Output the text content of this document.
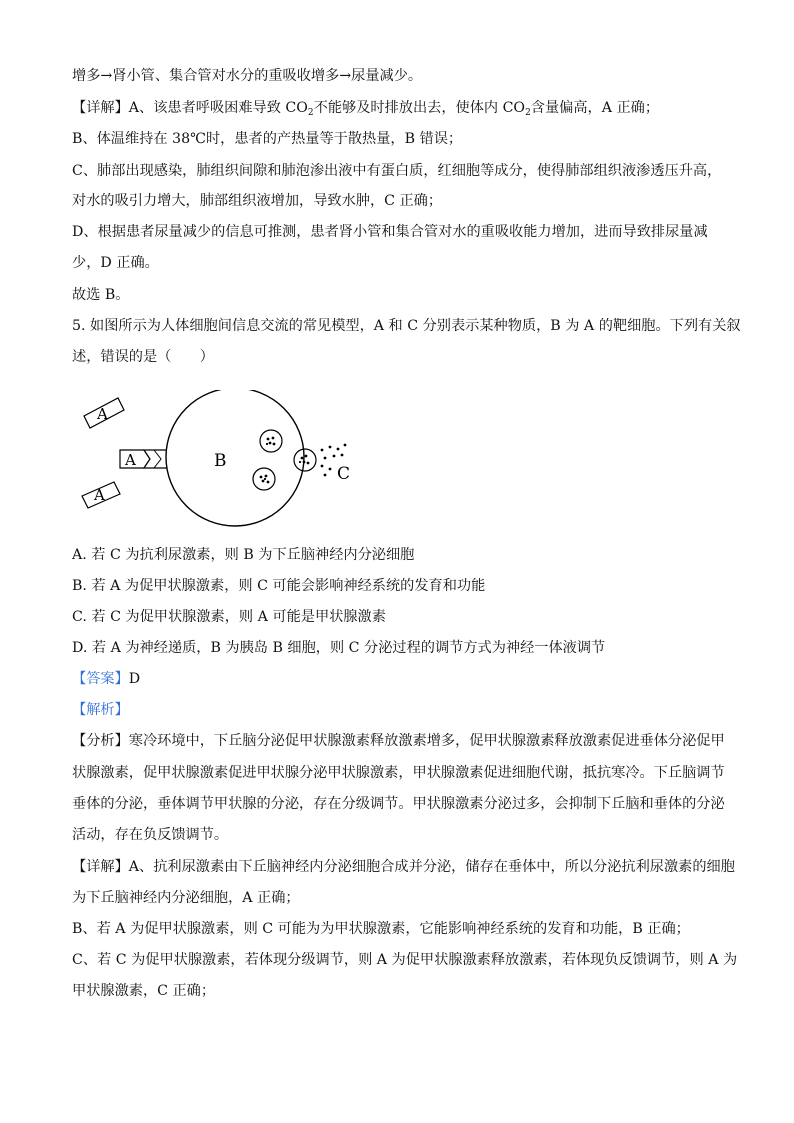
增多→肾小管、集合管对水分的重吸收增多→尿量减少。
【详解】A、该患者呼吸困难导致 $CO_2$不能够及时排放出去，使体内 $CO_2$含量偏高，A 正确；
B、体温维持在 38℃时，患者的产热量等于散热量，B 错误；
C、肺部出现感染，肺组织间隙和肺泡渗出液中有蛋白质，红细胞等成分，使得肺部组织液渗透压升高，
对水的吸引力增大，肺部组织液增加，导致水肿，C 正确；
D、根据患者尿量减少的信息可推测，患者肾小管和集合管对水的重吸收能力增加，进而导致排尿量减
少，D 正确。
故选 B。
5. 如图所示为人体细胞间信息交流的常见模型，A 和 C 分别表示某种物质，B 为 A 的靶细胞。下列有关叙
述，错误的是（　　）
A
A
A	B
C
A. 若 C 为抗利尿激素，则 B 为下丘脑神经内分泌细胞
B. 若 A 为促甲状腺激素，则 C 可能会影响神经系统的发育和功能
C. 若 C 为促甲状腺激素，则 A 可能是甲状腺激素
D. 若 A 为神经递质，B 为胰岛 B 细胞，则 C 分泌过程的调节方式为神经一体液调节
【答案】D
【解析】
【分析】寒冷环境中，下丘脑分泌促甲状腺激素释放激素增多，促甲状腺激素释放激素促进垂体分泌促甲
状腺激素，促甲状腺激素促进甲状腺分泌甲状腺激素，甲状腺激素促进细胞代谢，抵抗寒冷。下丘脑调节
垂体的分泌，垂体调节甲状腺的分泌，存在分级调节。甲状腺激素分泌过多，会抑制下丘脑和垂体的分泌
活动，存在负反馈调节。
【详解】A、抗利尿激素由下丘脑神经内分泌细胞合成并分泌，储存在垂体中，所以分泌抗利尿激素的细胞
为下丘脑神经内分泌细胞，A 正确；
B、若 A 为促甲状腺激素，则 C 可能为为甲状腺激素，它能影响神经系统的发育和功能，B 正确；
C、若 C 为促甲状腺激素，若体现分级调节，则 A 为促甲状腺激素释放激素，若体现负反馈调节，则 A 为
甲状腺激素，C 正确；
